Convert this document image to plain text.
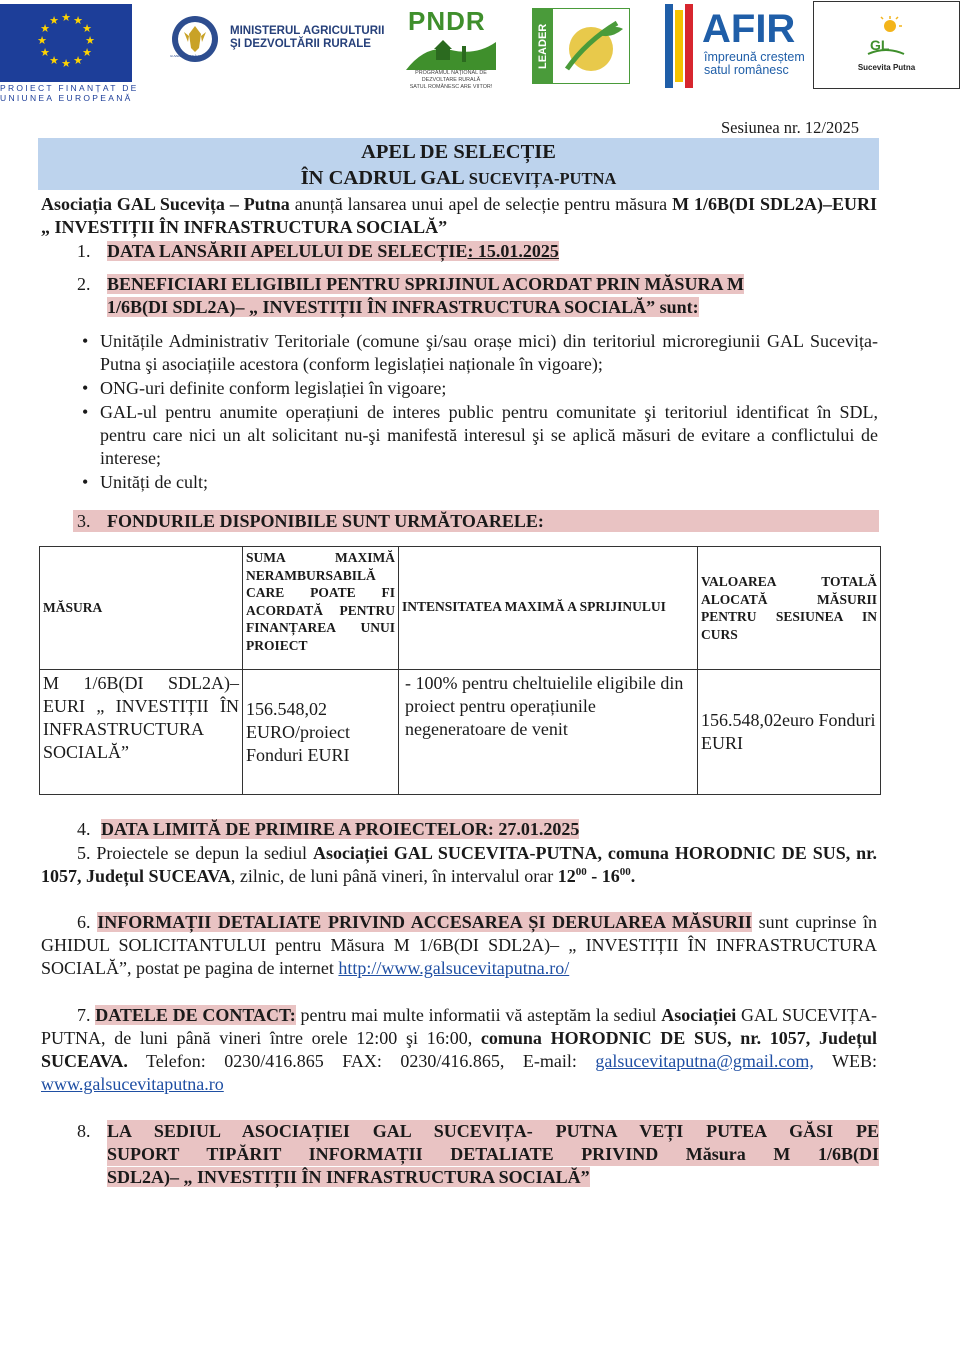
★ ★
★
★
★
★
★
★
★
★
★
★
PROIECT FINANȚAT DE
UNIUNEA EUROPEANĂ
MINISTERUL AGRICULTURII
ŞI DEZVOLTĂRII RURALE
GUVERNUL ROMÂNIEI
PNDR
PROGRAMUL NAȚIONAL DE DEZVOLTARE RURALĂ
SATUL ROMÂNESC ARE VIITOR!
LEADER	AFIR
împreună creștem
satul românesc
GL
Sucevita Putna
Sesiunea nr. 12/2025
APEL DE SELECȚIE
ÎN CADRUL GAL SUCEVIȚA-PUTNA
Asociația GAL Sucevița – Putna anunță lansarea unui apel de selecție pentru măsura M 1/6B(DI SDL2A)–EURI „ INVESTIȚII ÎN INFRASTRUCTURA SOCIALĂ”
1. DATA LANSĂRII APELULUI DE SELECȚIE: 15.01.2025
2. BENEFICIARI ELIGIBILI PENTRU SPRIJINUL ACORDAT PRIN MĂSURA M
1/6B(DI SDL2A)– „ INVESTIȚII ÎN INFRASTRUCTURA SOCIALĂ” sunt:
• Unitățile Administrativ Teritoriale (comune şi/sau orașe mici) din teritoriul microregiunii GAL Sucevița-Putna şi asociațiile acestora (conform legislației naționale în vigoare);
• ONG-uri definite conform legislației în vigoare;
• GAL-ul pentru anumite operațiuni de interes public pentru comunitate şi teritoriul identificat în SDL, pentru care nici un alt solicitant nu-şi manifestă interesul şi se aplică măsuri de evitare a conflictului de interese;
• Unități de cult;
3. FONDURILE DISPONIBILE SUNT URMĂTOARELE:
MĂSURA	SUMA MAXIMĂ NERAMBURSABILĂ CARE POATE FI ACORDATĂ PENTRU FINANȚAREA UNUI PROIECT	INTENSITATEA MAXIMĂ A SPRIJINULUI	VALOAREA TOTALĂ ALOCATĂ MĂSURII PENTRU SESIUNEA IN CURS
M 1/6B(DI SDL2A)– EURI „ INVESTIȚII ÎN INFRASTRUCTURA SOCIALĂ”	156.548,02 EURO/proiect Fonduri EURI	- 100% pentru cheltuielile eligibile din proiect pentru operațiunile negeneratoare de venit	156.548,02euro Fonduri EURI
4. DATA LIMITĂ DE PRIMIRE A PROIECTELOR: 27.01.2025
5. Proiectele se depun la sediul Asociației GAL SUCEVITA-PUTNA, comuna HORODNIC DE SUS, nr. 1057, Județul SUCEAVA, zilnic, de luni până vineri, în intervalul orar $12^{00} - 16^{00}$.
6. INFORMAȚII DETALIATE PRIVIND ACCESAREA ȘI DERULAREA MĂSURII sunt cuprinse în GHIDUL SOLICITANTULUI pentru Măsura M 1/6B(DI SDL2A)– „ INVESTIȚII ÎN INFRASTRUCTURA SOCIALĂ”, postat pe pagina de internet http://www.galsucevitaputna.ro/
7. DATELE DE CONTACT: pentru mai multe informatii vă asteptăm la sediul Asociației GAL SUCEVIȚA- PUTNA, de luni până vineri între orele 12:00 şi 16:00, comuna HORODNIC DE SUS, nr. 1057, Județul SUCEAVA. Telefon: 0230/416.865 FAX: 0230/416.865, E-mail: galsucevitaputna@gmail.com, WEB: www.galsucevitaputna.ro
8. LA SEDIUL ASOCIAȚIEI GAL SUCEVIȚA- PUTNA VEȚI PUTEA GĂSI PE
SUPORT TIPĂRIT INFORMAȚII DETALIATE PRIVIND Măsura M 1/6B(DI
SDL2A)– „ INVESTIȚII ÎN INFRASTRUCTURA SOCIALĂ”
